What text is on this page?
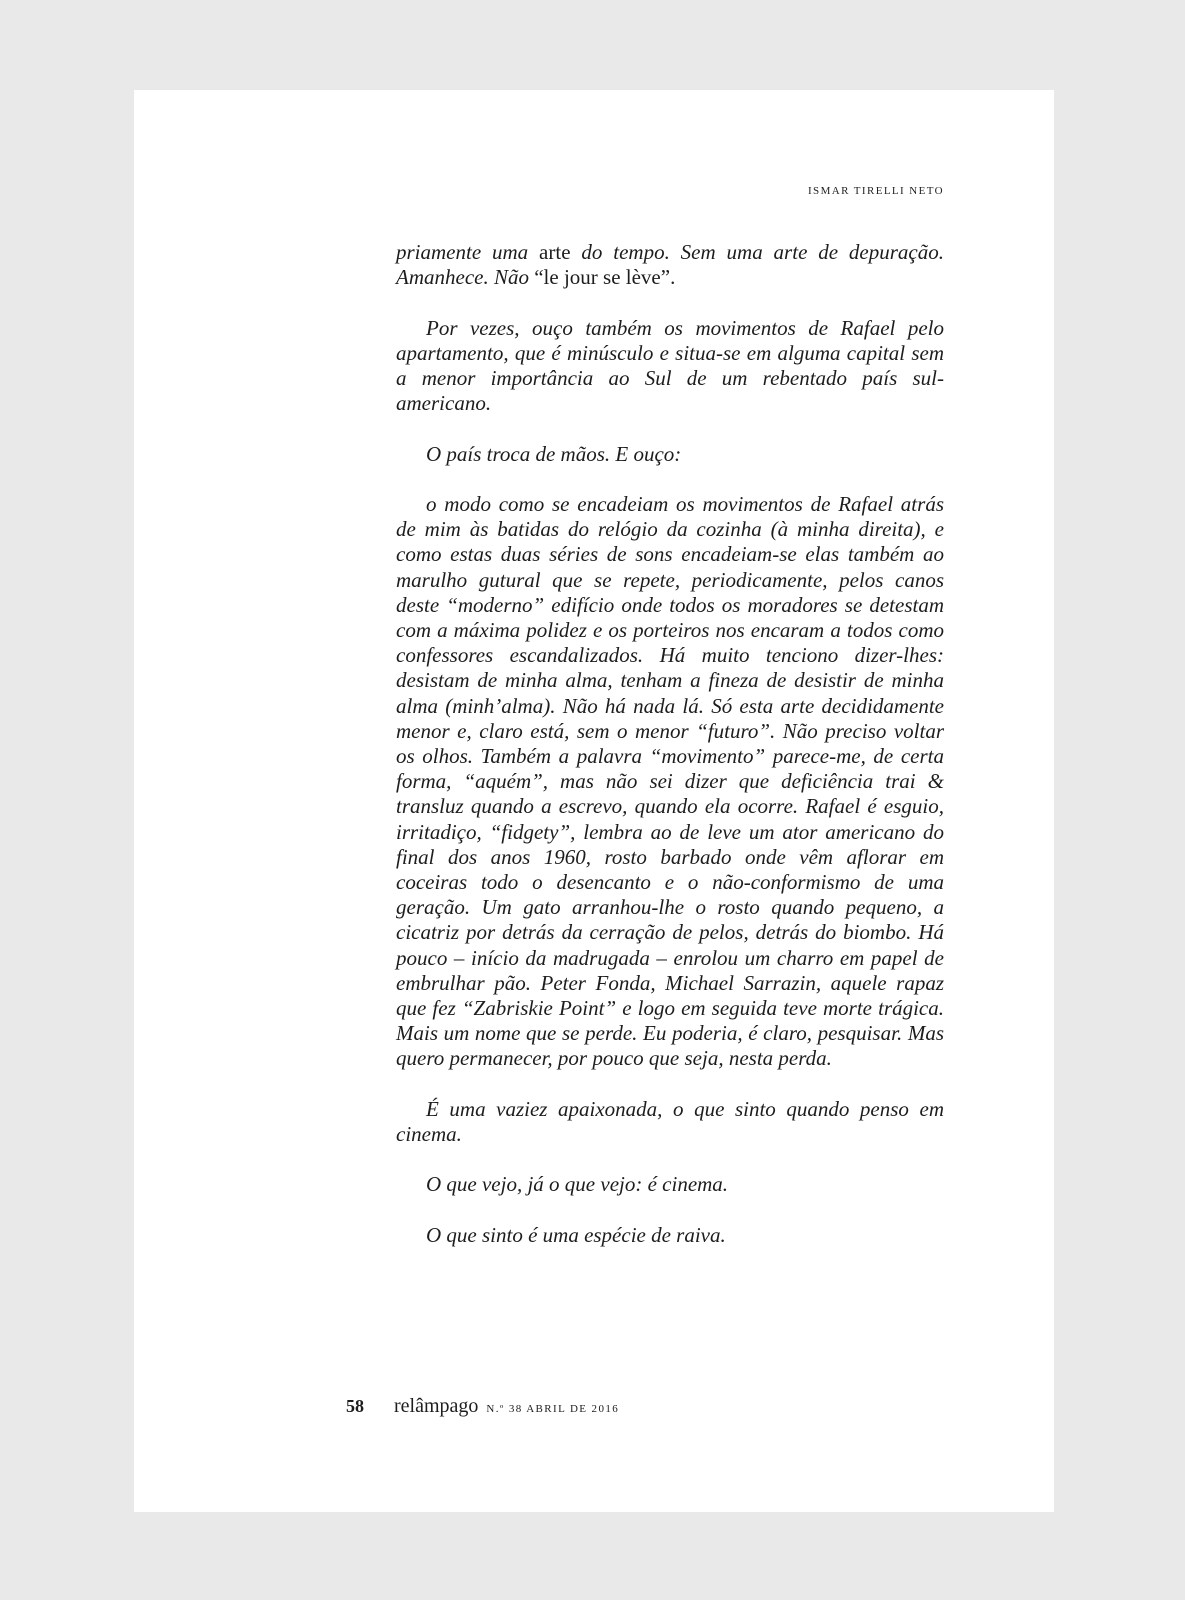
ISMAR TIRELLI NETO

priamente uma arte do tempo. Sem uma arte de depuração. Amanhece. Não “le jour se lève”.

Por vezes, ouço também os movimentos de Rafael pelo apartamento, que é minúsculo e situa-se em alguma capital sem a menor importância ao Sul de um rebentado país sul-americano.

O país troca de mãos. E ouço:

o modo como se encadeiam os movimentos de Rafael atrás de mim às batidas do relógio da cozinha (à minha direita), e como estas duas séries de sons encadeiam-se elas também ao marulho gutural que se repete, periodicamente, pelos canos deste “moderno” edifício onde todos os moradores se detestam com a máxima polidez e os porteiros nos encaram a todos como confessores escandalizados. Há muito tenciono dizer-lhes: desistam de minha alma, tenham a fineza de desistir de minha alma (minh’alma). Não há nada lá. Só esta arte decididamente menor e, claro está, sem o menor “futuro”. Não preciso voltar os olhos. Também a palavra “movimento” parece-me, de certa forma, “aquém”, mas não sei dizer que deficiência trai & transluz quando a escrevo, quando ela ocorre. Rafael é esguio, irritadiço, “fidgety”, lembra ao de leve um ator americano do final dos anos 1960, rosto barbado onde vêm aflorar em coceiras todo o desencanto e o não-conformismo de uma geração. Um gato arranhou-lhe o rosto quando pequeno, a cicatriz por detrás da cerração de pelos, detrás do biombo. Há pouco – início da madrugada – enrolou um charro em papel de embrulhar pão. Peter Fonda, Michael Sarrazin, aquele rapaz que fez “Zabriskie Point” e logo em seguida teve morte trágica. Mais um nome que se perde. Eu poderia, é claro, pesquisar. Mas quero permanecer, por pouco que seja, nesta perda.

É uma vaziez apaixonada, o que sinto quando penso em cinema.

O que vejo, já o que vejo: é cinema.

O que sinto é uma espécie de raiva.

58 relâmpago N.º 38 ABRIL DE 2016
